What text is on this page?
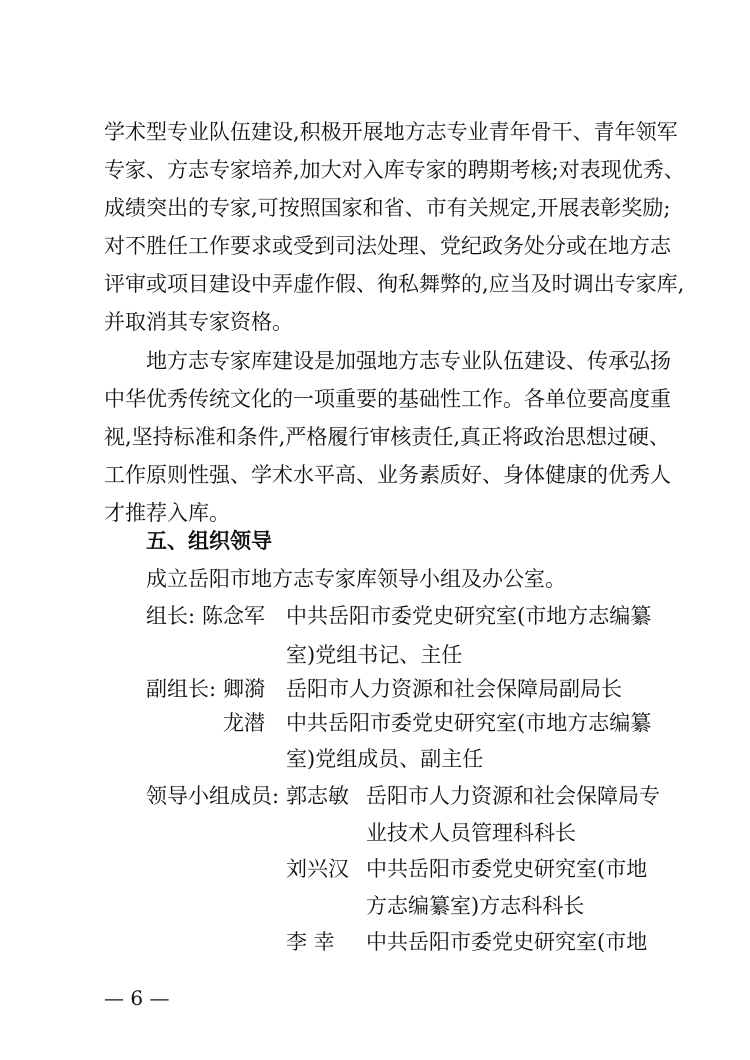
学术型专业队伍建设,积极开展地方志专业青年骨干、青年领军
专家、方志专家培养,加大对入库专家的聘期考核;对表现优秀、
成绩突出的专家,可按照国家和省、市有关规定,开展表彰奖励;
对不胜任工作要求或受到司法处理、党纪政务处分或在地方志
评审或项目建设中弄虚作假、徇私舞弊的,应当及时调出专家库,
并取消其专家资格。
地方志专家库建设是加强地方志专业队伍建设、传承弘扬
中华优秀传统文化的一项重要的基础性工作。各单位要高度重
视,坚持标准和条件,严格履行审核责任,真正将政治思想过硬、
工作原则性强、学术水平高、业务素质好、身体健康的优秀人
才推荐入库。
五、组织领导
成立岳阳市地方志专家库领导小组及办公室。
组长: 陈念军 中共岳阳市委党史研究室(市地方志编纂
室)党组书记、主任
副组长: 卿漪 岳阳市人力资源和社会保障局副局长
龙潜 中共岳阳市委党史研究室(市地方志编纂
室)党组成员、副主任
领导小组成员: 郭志敏 岳阳市人力资源和社会保障局专
业技术人员管理科科长
刘兴汉 中共岳阳市委党史研究室(市地
方志编纂室)方志科科长
李 幸 中共岳阳市委党史研究室(市地
— 6 —
